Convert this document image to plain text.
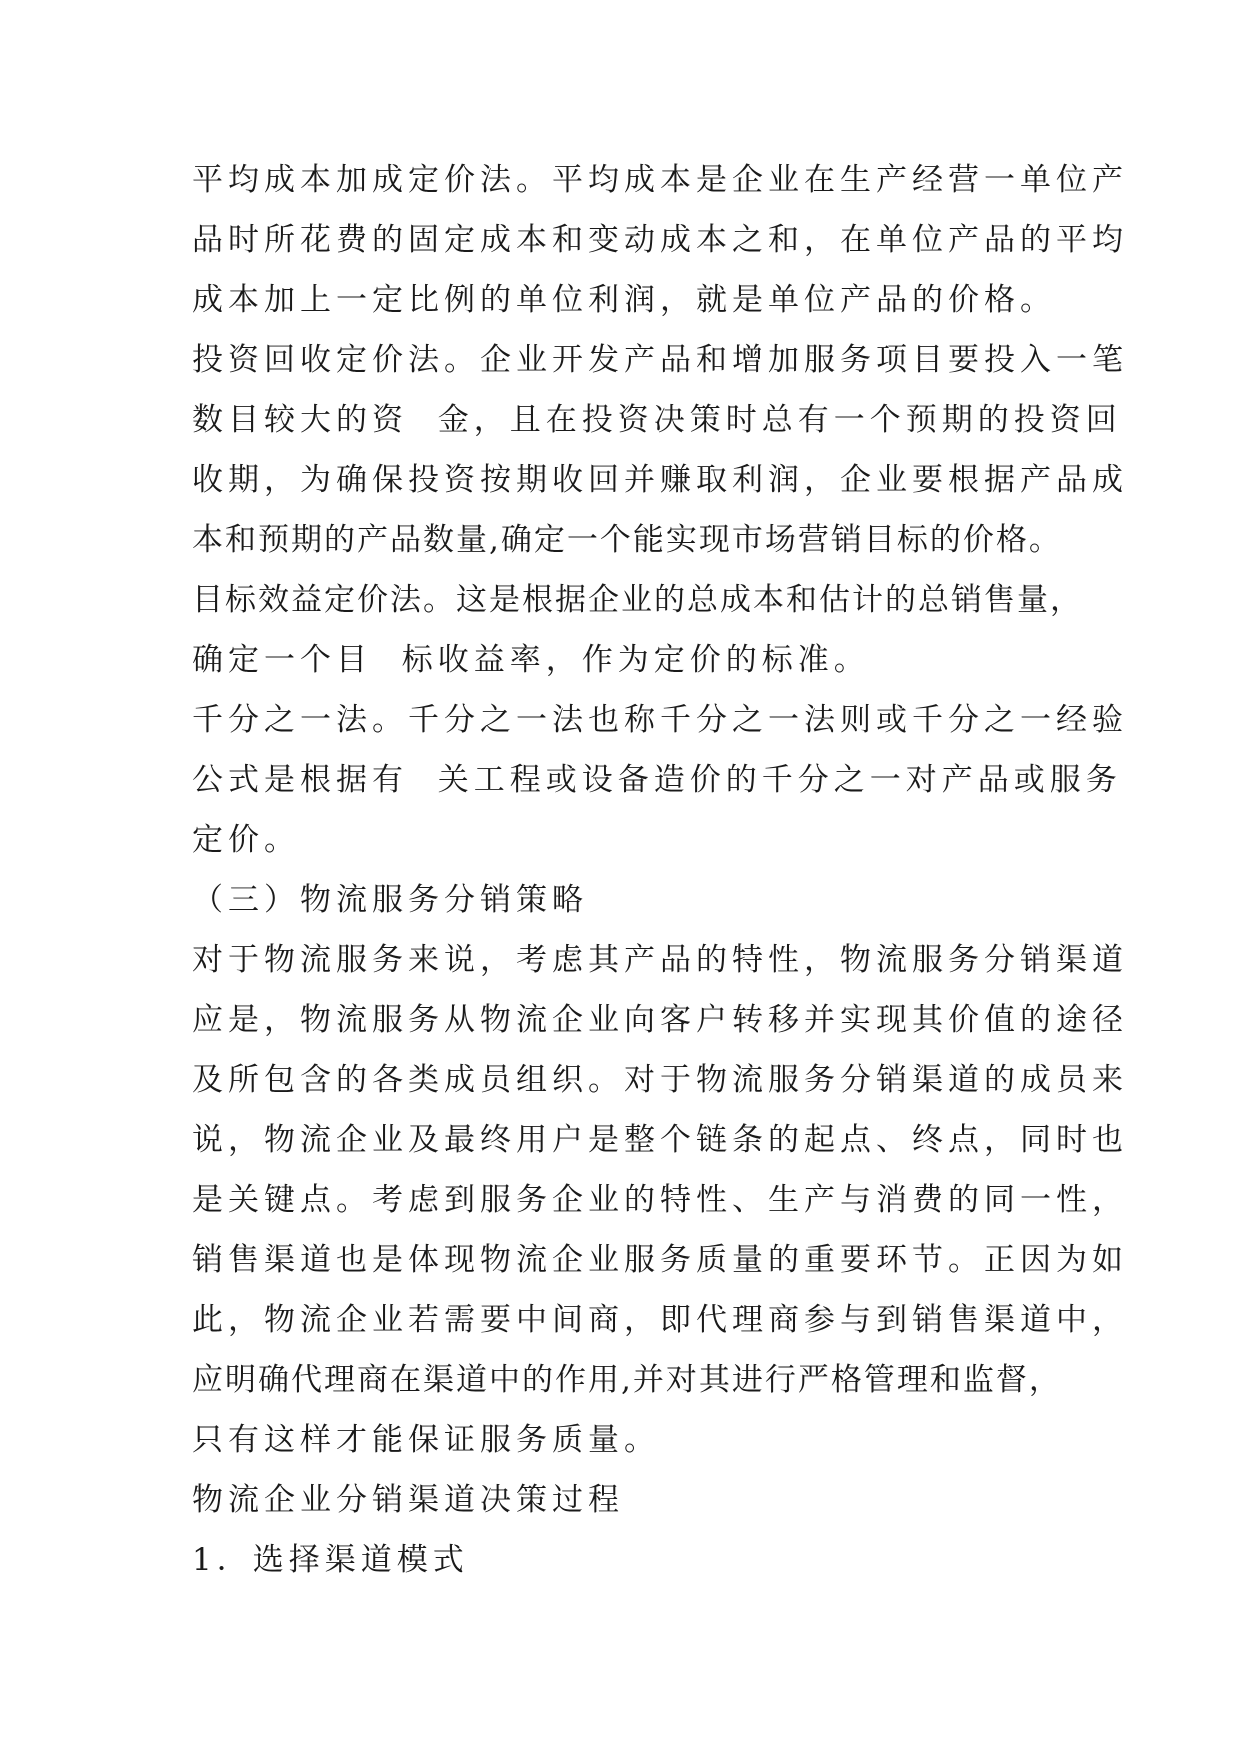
平均成本加成定价法。平均成本是企业在生产经营一单位产
品时所花费的固定成本和变动成本之和，在单位产品的平均
成本加上一定比例的单位利润，就是单位产品的价格。
投资回收定价法。企业开发产品和增加服务项目要投入一笔
数目较大的资  金，且在投资决策时总有一个预期的投资回
收期，为确保投资按期收回并赚取利润，企业要根据产品成
本和预期的产品数量,确定一个能实现市场营销目标的价格。
目标效益定价法。这是根据企业的总成本和估计的总销售量，
确定一个目  标收益率，作为定价的标准。
千分之一法。千分之一法也称千分之一法则或千分之一经验
公式是根据有  关工程或设备造价的千分之一对产品或服务
定价。
（三）物流服务分销策略
对于物流服务来说，考虑其产品的特性，物流服务分销渠道
应是，物流服务从物流企业向客户转移并实现其价值的途径
及所包含的各类成员组织。对于物流服务分销渠道的成员来
说，物流企业及最终用户是整个链条的起点、终点，同时也
是关键点。考虑到服务企业的特性、生产与消费的同一性，
销售渠道也是体现物流企业服务质量的重要环节。正因为如
此，物流企业若需要中间商，即代理商参与到销售渠道中，
应明确代理商在渠道中的作用,并对其进行严格管理和监督，
只有这样才能保证服务质量。
物流企业分销渠道决策过程
1．选择渠道模式
